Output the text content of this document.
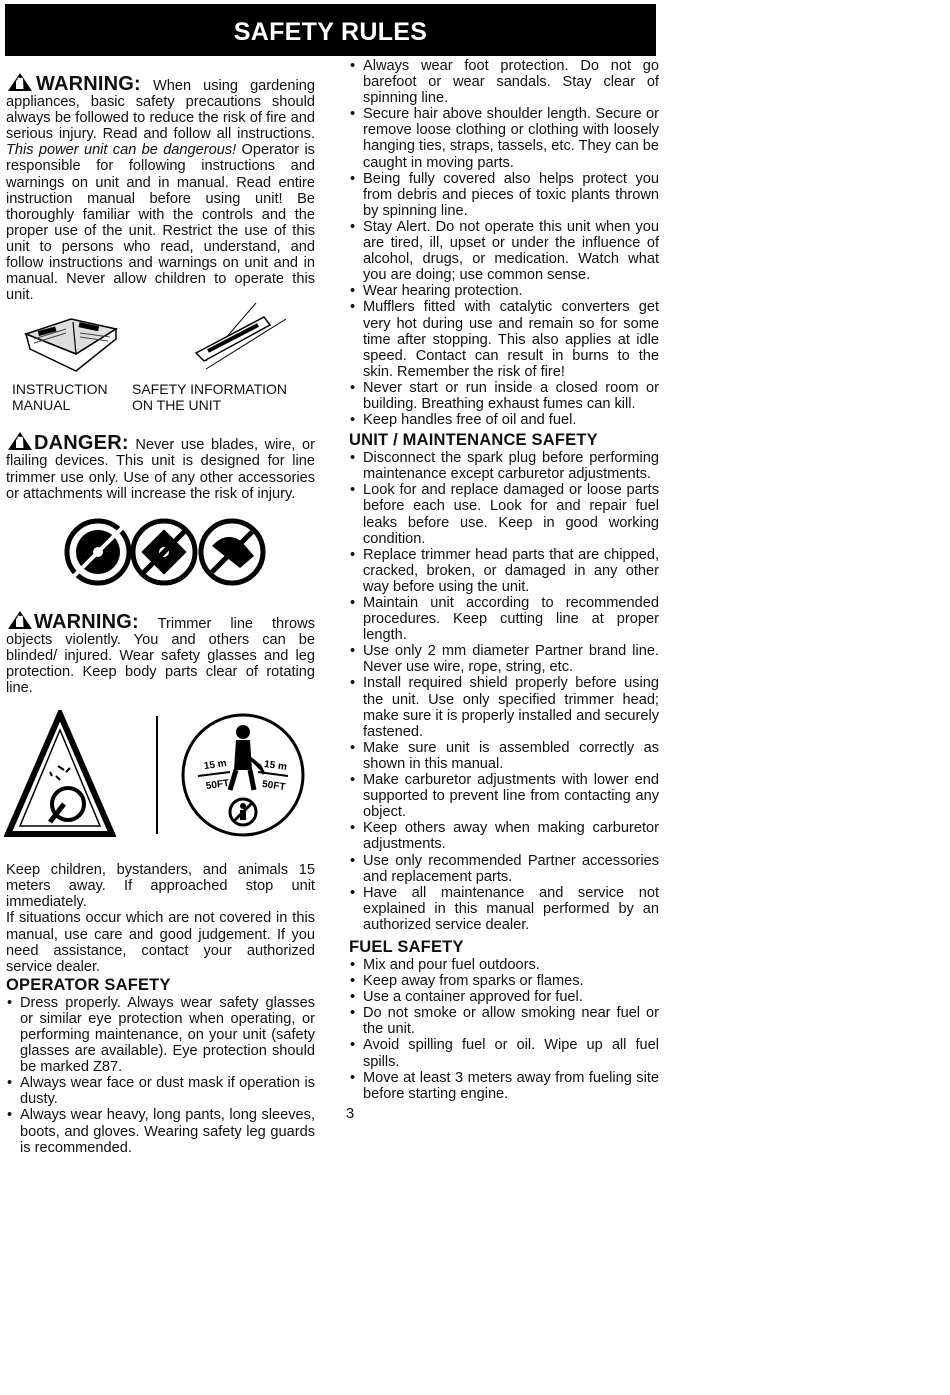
SAFETY RULES

WARNING: When using gardening appliances, basic safety precautions should always be followed to reduce the risk of fire and serious injury. Read and follow all instructions. This power unit can be dangerous! Operator is responsible for following instructions and warnings on unit and in manual. Read entire instruction manual before using unit! Be thoroughly familiar with the controls and the proper use of the unit. Restrict the use of this unit to persons who read, understand, and follow instructions and warnings on unit and in manual. Never allow children to operate this unit.

INSTRUCTION
MANUAL
SAFETY INFORMATION
ON THE UNIT

DANGER: Never use blades, wire, or flailing devices. This unit is designed for line trimmer use only. Use of any other accessories or attachments will increase the risk of injury.

WARNING: Trimmer line throws objects violently. You and others can be blinded/ injured. Wear safety glasses and leg protection. Keep body parts clear of rotating line.

15 m
50FT
15 m
50FT

Keep children, bystanders, and animals 15 meters away. If approached stop unit immediately.

If situations occur which are not covered in this manual, use care and good judgement. If you need assistance, contact your authorized service dealer.

OPERATOR SAFETY
• Dress properly. Always wear safety glasses or similar eye protection when operating, or performing maintenance, on your unit (safety glasses are available). Eye protection should be marked Z87.
• Always wear face or dust mask if operation is dusty.
• Always wear heavy, long pants, long sleeves, boots, and gloves. Wearing safety leg guards is recommended.
• Always wear foot protection. Do not go barefoot or wear sandals. Stay clear of spinning line.
• Secure hair above shoulder length. Secure or remove loose clothing or clothing with loosely hanging ties, straps, tassels, etc. They can be caught in moving parts.
• Being fully covered also helps protect you from debris and pieces of toxic plants thrown by spinning line.
• Stay Alert. Do not operate this unit when you are tired, ill, upset or under the influence of alcohol, drugs, or medication. Watch what you are doing; use common sense.
• Wear hearing protection.
• Mufflers fitted with catalytic converters get very hot during use and remain so for some time after stopping. This also applies at idle speed. Contact can result in burns to the skin. Remember the risk of fire!
• Never start or run inside a closed room or building. Breathing exhaust fumes can kill.
• Keep handles free of oil and fuel.
UNIT / MAINTENANCE SAFETY
• Disconnect the spark plug before performing maintenance except carburetor adjustments.
• Look for and replace damaged or loose parts before each use. Look for and repair fuel leaks before use. Keep in good working condition.
• Replace trimmer head parts that are chipped, cracked, broken, or damaged in any other way before using the unit.
• Maintain unit according to recommended procedures. Keep cutting line at proper length.
• Use only 2 mm diameter Partner brand line. Never use wire, rope, string, etc.
• Install required shield properly before using the unit. Use only specified trimmer head; make sure it is properly installed and securely fastened.
• Make sure unit is assembled correctly as shown in this manual.
• Make carburetor adjustments with lower end supported to prevent line from contacting any object.
• Keep others away when making carburetor adjustments.
• Use only recommended Partner accessories and replacement parts.
• Have all maintenance and service not explained in this manual performed by an authorized service dealer.
FUEL SAFETY
• Mix and pour fuel outdoors.
• Keep away from sparks or flames.
• Use a container approved for fuel.
• Do not smoke or allow smoking near fuel or the unit.
• Avoid spilling fuel or oil. Wipe up all fuel spills.
• Move at least 3 meters away from fueling site before starting engine.
3
